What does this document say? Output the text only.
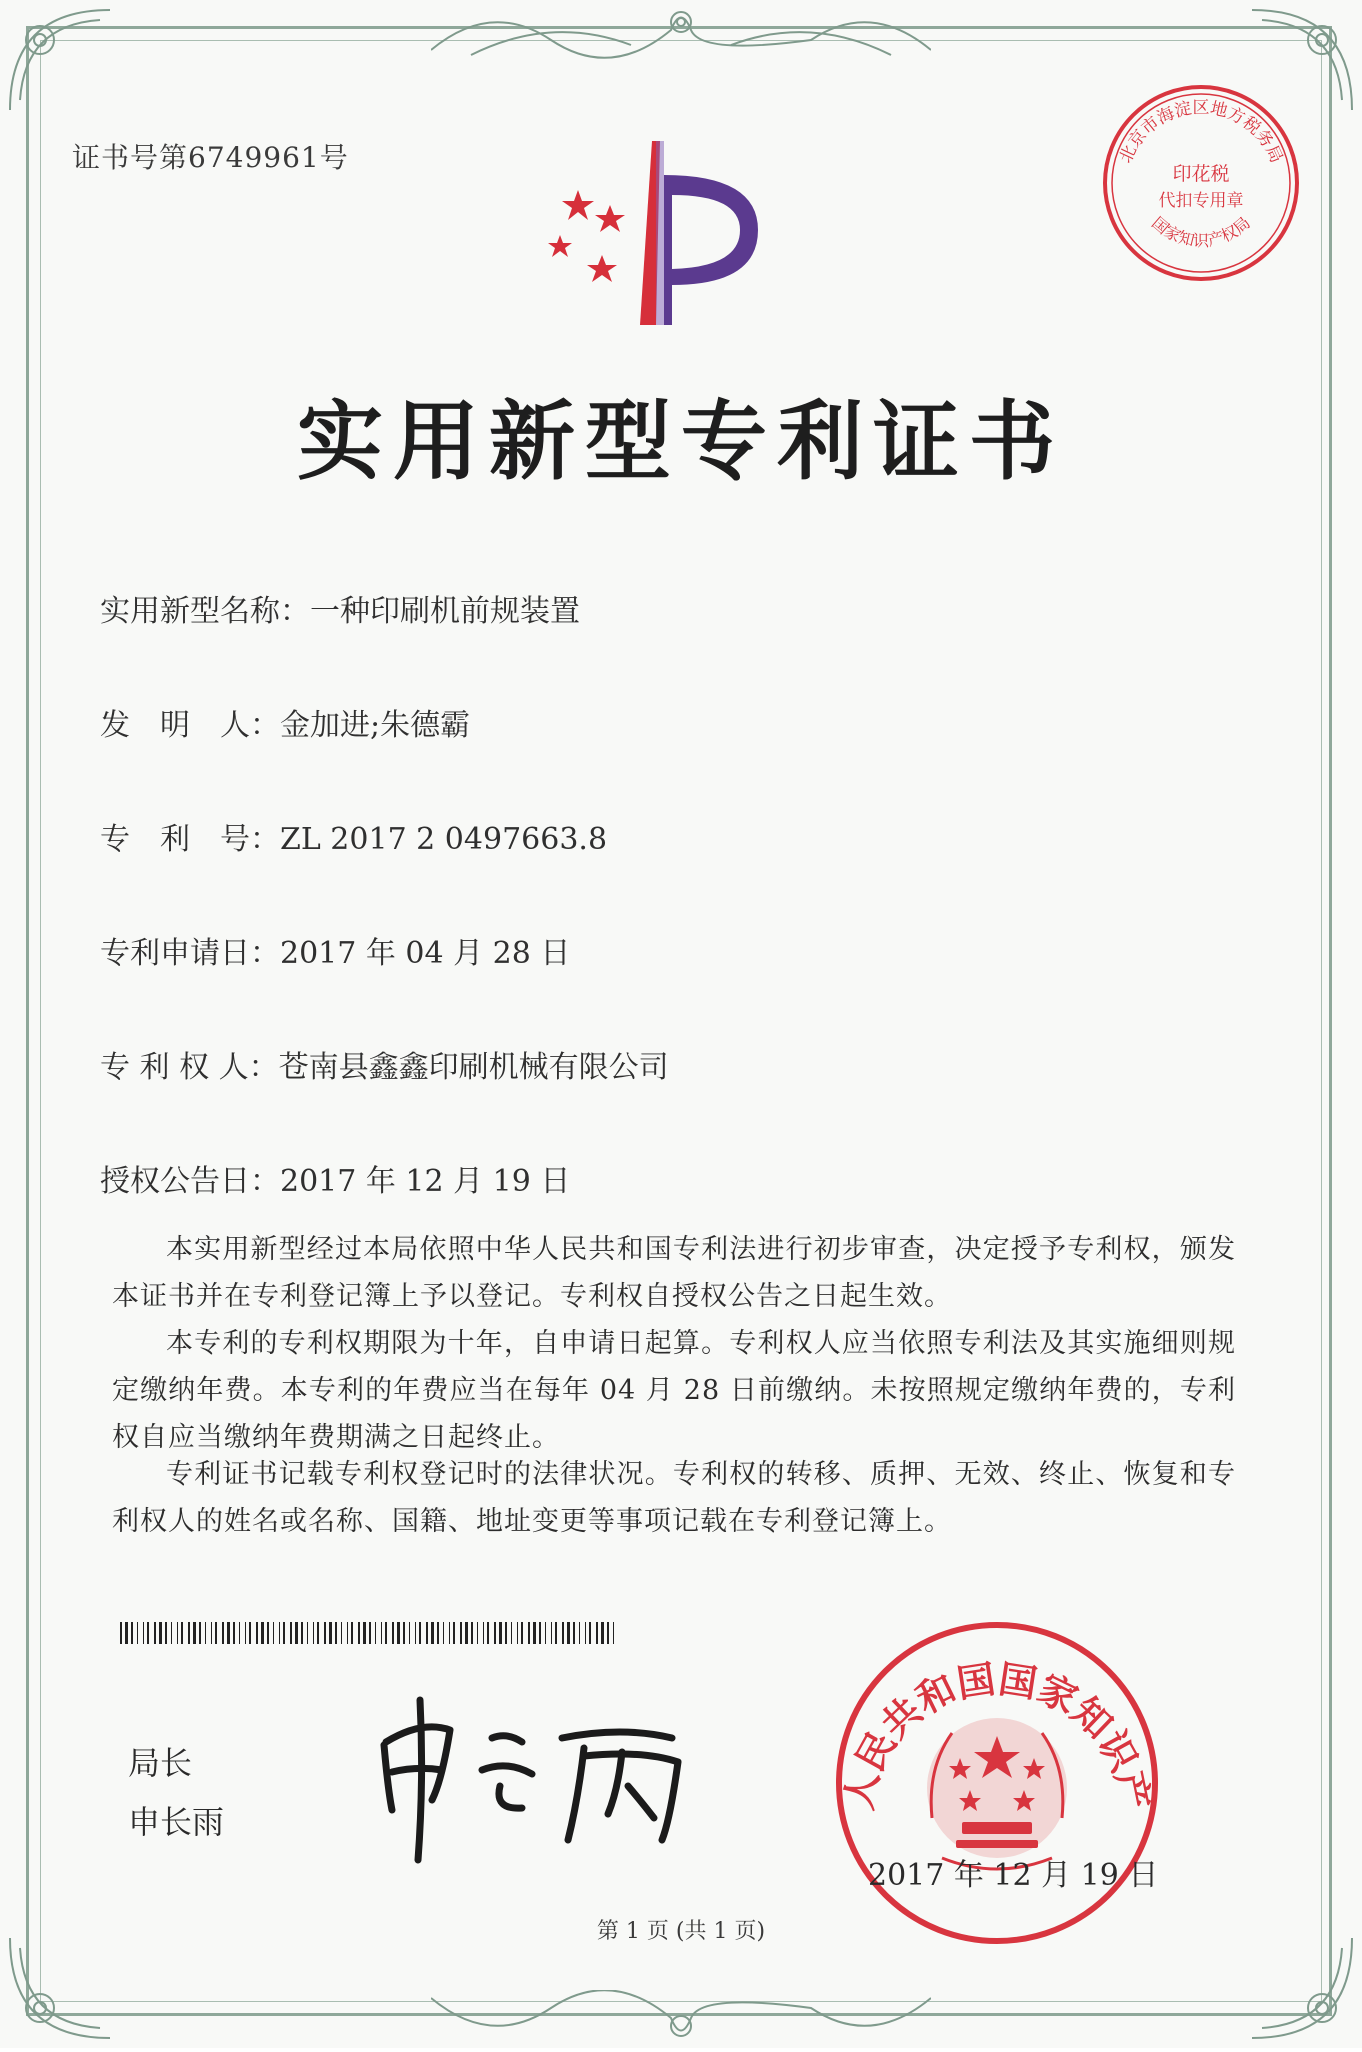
证书号第6749961号	北京市海淀区地方税务局
国家知识产权局
印花税
代扣专用章
实用新型专利证书
实用新型名称：一种印刷机前规装置
发　明　人：金加进;朱德霸
专　利　号：ZL 2017 2 0497663.8
专利申请日：2017 年 04 月 28 日
专 利 权 人：苍南县鑫鑫印刷机械有限公司
授权公告日：2017 年 12 月 19 日
本实用新型经过本局依照中华人民共和国专利法进行初步审查，决定授予专利权，颁发本证书并在专利登记簿上予以登记。专利权自授权公告之日起生效。
本专利的专利权期限为十年，自申请日起算。专利权人应当依照专利法及其实施细则规定缴纳年费。本专利的年费应当在每年 04 月 28 日前缴纳。未按照规定缴纳年费的，专利权自应当缴纳年费期满之日起终止。
专利证书记载专利权登记时的法律状况。专利权的转移、质押、无效、终止、恢复和专利权人的姓名或名称、国籍、地址变更等事项记载在专利登记簿上。
局长
申长雨
人民共和国国家知识产
2017 年 12 月 19 日
第 1 页 (共 1 页)
